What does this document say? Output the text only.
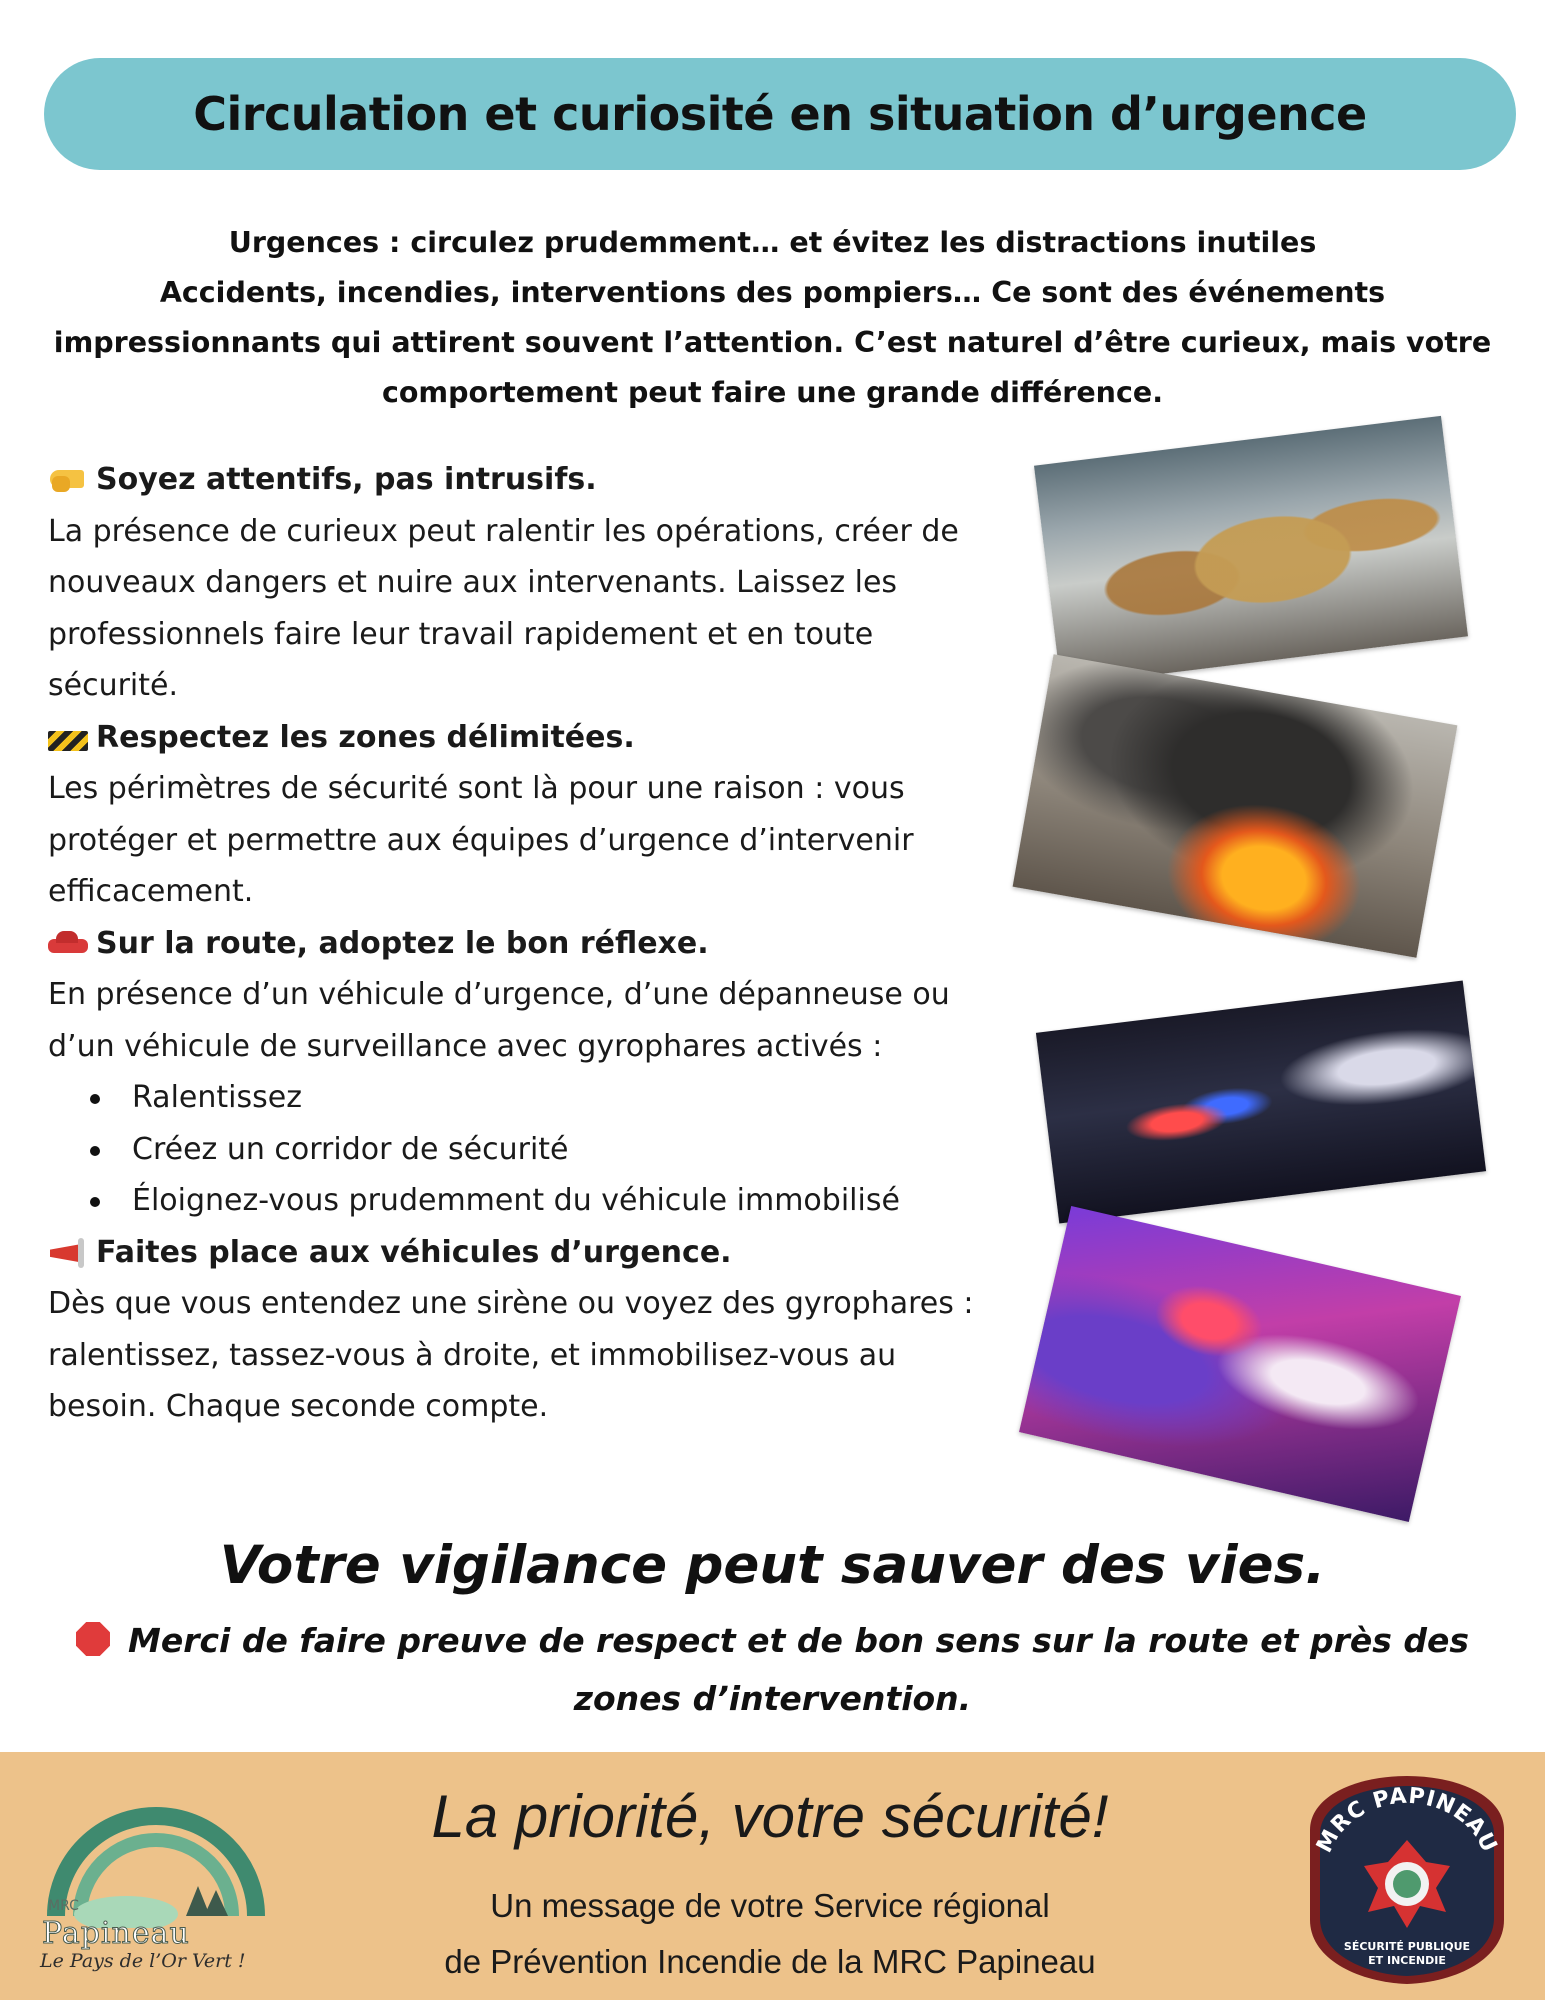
Circulation et curiosité en situation d’urgence
Urgences : circulez prudemment… et évitez les distractions inutiles
Accidents, incendies, interventions des pompiers… Ce sont des événements impressionnants qui attirent souvent l’attention. C’est naturel d’être curieux, mais votre comportement peut faire une grande différence.
Soyez attentifs, pas intrusifs.
La présence de curieux peut ralentir les opérations, créer de nouveaux dangers et nuire aux intervenants. Laissez les professionnels faire leur travail rapidement et en toute sécurité.
Respectez les zones délimitées.
Les périmètres de sécurité sont là pour une raison : vous protéger et permettre aux équipes d’urgence d’intervenir efficacement.
Sur la route, adoptez le bon réflexe.
En présence d’un véhicule d’urgence, d’une dépanneuse ou d’un véhicule de surveillance avec gyrophares activés :
Ralentissez
Créez un corridor de sécurité
Éloignez-vous prudemment du véhicule immobilisé
Faites place aux véhicules d’urgence.
Dès que vous entendez une sirène ou voyez des gyrophares : ralentissez, tassez-vous à droite, et immobilisez-vous au besoin. Chaque seconde compte.
Votre vigilance peut sauver des vies.
Merci de faire preuve de respect et de bon sens sur la route et près des zones d’intervention.
MRC
Papineau
Le Pays de l’Or Vert !
La priorité, votre sécurité!
Un message de votre Service régional
de Prévention Incendie de la MRC Papineau
MRC PAPINEAU
SÉCURITÉ PUBLIQUE
ET INCENDIE
